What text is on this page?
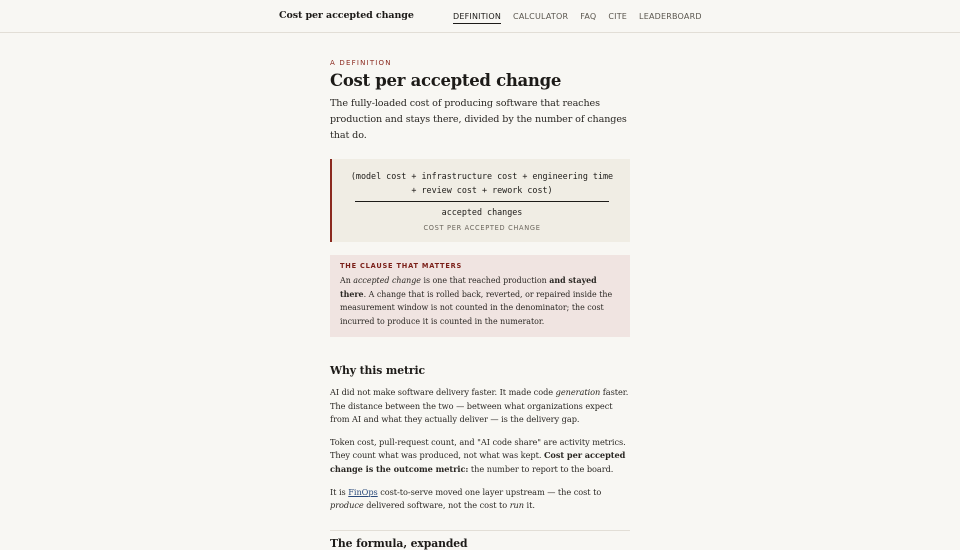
Cost per accepted change	DEFINITION CALCULATOR FAQ CITE LEADERBOARD
A DEFINITION
Cost per accepted change

The fully-loaded cost of producing software that reaches production and stays there, divided by the number of changes that do.

(model cost + infrastructure cost + engineering time + review cost + rework cost)
accepted changes
COST PER ACCEPTED CHANGE
THE CLAUSE THAT MATTERS

An accepted change is one that reached production and stayed there. A change that is rolled back, reverted, or repaired inside the measurement window is not counted in the denominator; the cost incurred to produce it is counted in the numerator.

Why this metric

AI did not make software delivery faster. It made code generation faster. The distance between the two — between what organizations expect from AI and what they actually deliver — is the delivery gap.

Token cost, pull-request count, and "AI code share" are activity metrics. They count what was produced, not what was kept. Cost per accepted change is the outcome metric: the number to report to the board.

It is FinOps cost-to-serve moved one layer upstream — the cost to produce delivered software, not the cost to run it.

The formula, expanded
